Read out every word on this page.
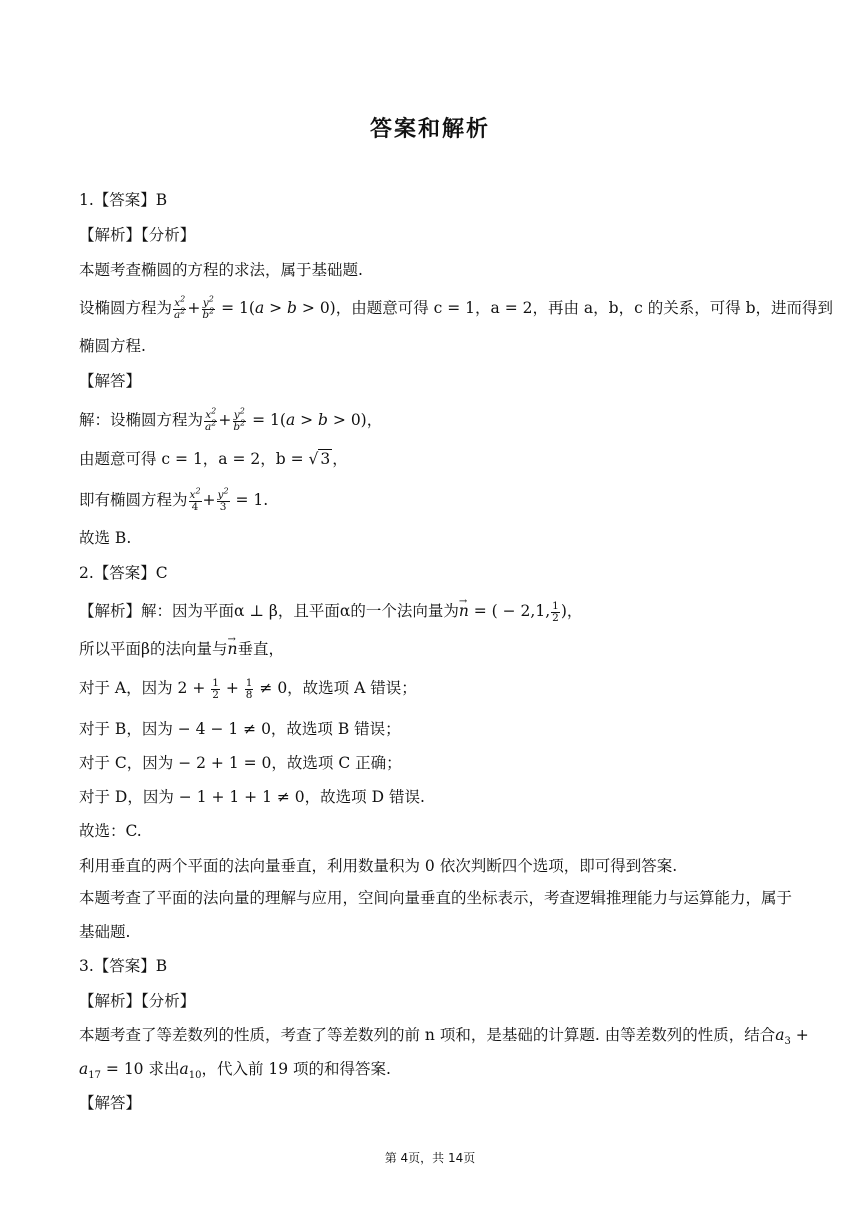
答案和解析
1.【答案】B
【解析】【分析】
本题考查椭圆的方程的求法，属于基础题.
设椭圆方程为 $\frac{x^2}{a^2} + \frac{y^2}{b^2} = 1(a > b > 0)$，由题意可得 c = 1，a = 2，再由 a，b，c 的关系，可得 b，进而得到
椭圆方程.
【解答】
解：设椭圆方程为 $\frac{x^2}{a^2} + \frac{y^2}{b^2} = 1(a > b > 0)$，
由题意可得 c = 1，a = 2，b = √ 3 ，
即有椭圆方程为 $\frac{x^2}{4} + \frac{y^2}{3} = 1$.
故选 B.
2.【答案】C
【解析】解：因为平面α ⊥ β，且平面α的一个法向量为→ n = ( − 2,1, $\frac{1}{2}$ )，
所以平面β的法向量与→ n垂直，
对于 A，因为 $2 + \frac{1}{2} + \frac{1}{8} \ne 0$，故选项 A 错误；
对于 B，因为 − 4 − 1 ≠ 0，故选项 B 错误；
对于 C，因为 − 2 + 1 = 0，故选项 C 正确；
对于 D，因为 − 1 + 1 + 1 ≠ 0，故选项 D 错误.
故选：C.
利用垂直的两个平面的法向量垂直，利用数量积为 0 依次判断四个选项，即可得到答案.
本题考查了平面的法向量的理解与应用，空间向量垂直的坐标表示，考查逻辑推理能力与运算能力，属于
基础题.
3.【答案】B
【解析】【分析】
本题考查了等差数列的性质，考查了等差数列的前 n 项和，是基础的计算题. 由等差数列的性质，结合$a_3$ +
$a_{17} = 10$ 求出$a_{10}$，代入前 19 项的和得答案.
【解答】
第 4页，共 14页
